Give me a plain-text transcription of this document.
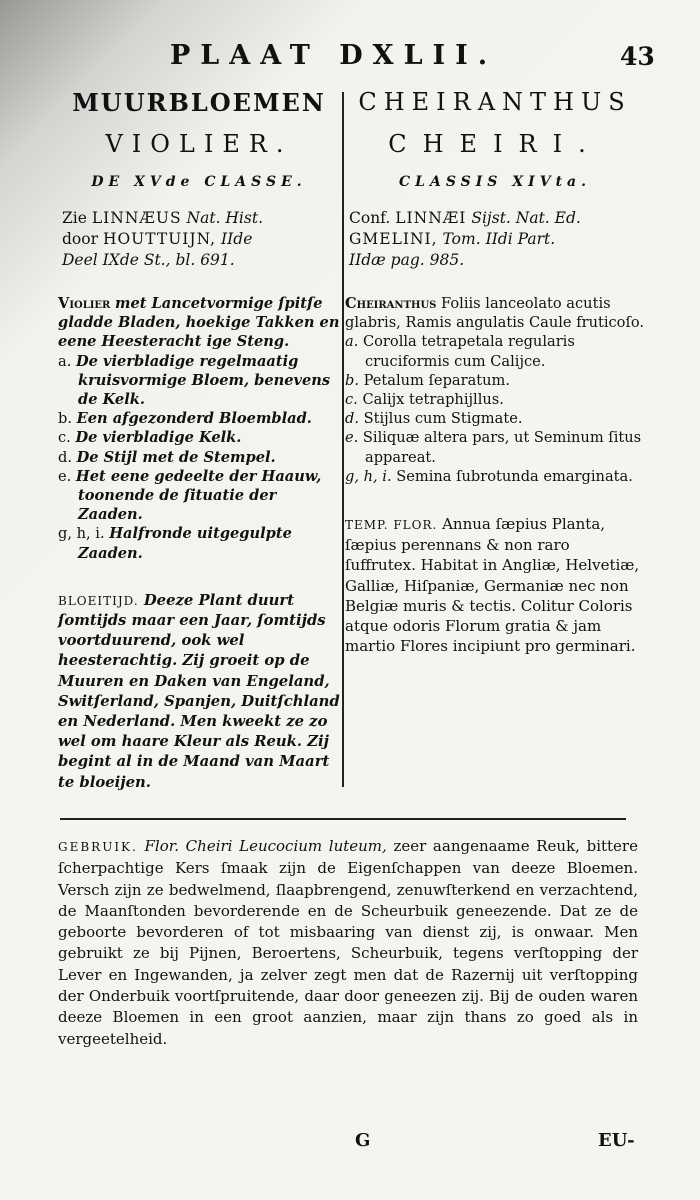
PLAAT DXLII.	43
MUURBLOEMEN
VIOLIER.
DE XVde CLASSE.
Zie LINNÆUS Nat. Hist.
door HOUTTUIJN, IIde
Deel IXde St., bl. 691.
Violier met Lancetvormige ſpitſe gladde Bladen, hoekige Takken en eene Heesteracht ige Steng.
a. De vierbladige regelmaatig kruisvormige Bloem, benevens de Kelk.
b. Een afgezonderd Bloemblad.
c. De vierbladige Kelk.
d. De Stijl met de Stempel.
e. Het eene gedeelte der Haauw, toonende de ſituatie der Zaaden.
g, h, i. Halfronde uitgegulpte Zaaden.
BLOEITIJD. Deeze Plant duurt ſomtijds maar een Jaar, ſomtijds voortduurend, ook wel heesterachtig. Zij groeit op de Muuren en Daken van Engeland, Switſerland, Spanjen, Duitſchland en Nederland. Men kweekt ze zo wel om haare Kleur als Reuk. Zij begint al in de Maand van Maart te bloeijen.
CHEIRANTHUS
CHEIRI.
CLASSIS XIVta.
Conf. LINNÆI Sijst. Nat. Ed.
GMELINI, Tom. IIdi Part.
IIdæ pag. 985.
Cheiranthus Foliis lanceolato acutis glabris, Ramis angulatis Caule fruticoſo.
a. Corolla tetrapetala regularis cruciformis cum Calijce.
b. Petalum ſeparatum.
c. Calijx tetraphijllus.
d. Stijlus cum Stigmate.
e. Siliquæ altera pars, ut Seminum ſitus appareat.
g, h, i. Semina ſubrotunda emarginata.
TEMP. FLOR. Annua ſæpius Planta, ſæpius perennans & non raro ſuffrutex. Habitat in Angliæ, Helvetiæ, Galliæ, Hiſpaniæ, Germaniæ nec non Belgiæ muris & tectis. Colitur Coloris atque odoris Florum gratia & jam martio Flores incipiunt pro germinari.
GEBRUIK. Flor. Cheiri Leucocium luteum, zeer aangenaame Reuk, bittere ſcherpachtige Kers ſmaak zijn de Eigenſchappen van deeze Bloemen. Versch zijn ze bedwelmend, ſlaapbrengend, zenuwſterkend en verzachtend, de Maanſtonden bevorderende en de Scheurbuik geneezende. Dat ze de geboorte bevorderen of tot misbaaring van dienst zij, is onwaar. Men gebruikt ze bij Pijnen, Beroertens, Scheurbuik, tegens verſtopping der Lever en Ingewanden, ja zelver zegt men dat de Razernij uit verſtopping der Onderbuik voortſpruitende, daar door geneezen zij. Bij de ouden waren deeze Bloemen in een groot aanzien, maar zijn thans zo goed als in vergeetelheid.
G	EU-
